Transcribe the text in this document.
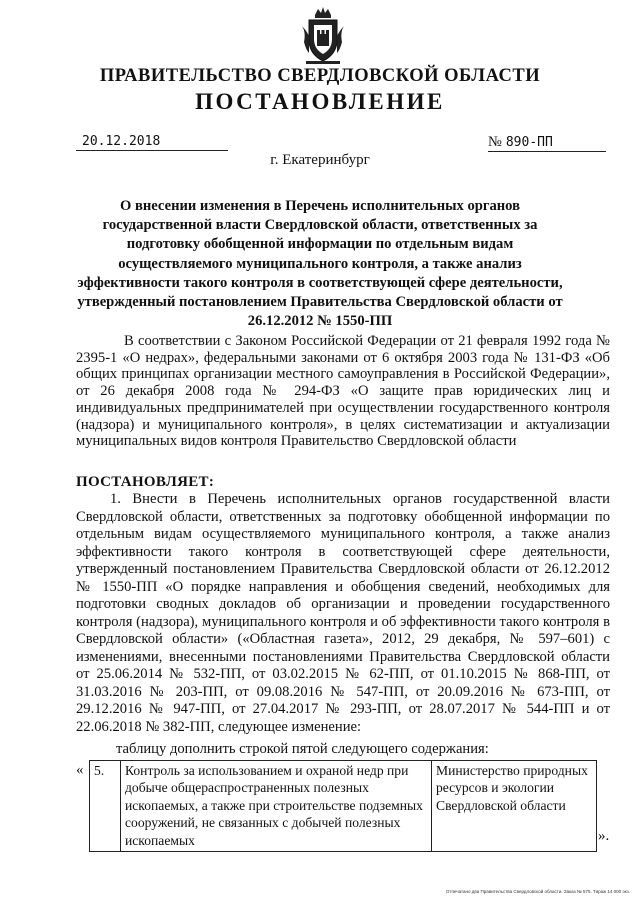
ПРАВИТЕЛЬСТВО СВЕРДЛОВСКОЙ ОБЛАСТИ

ПОСТАНОВЛЕНИЕ

20.12.2018	№ 890-ПП

г. Екатеринбург

О внесении изменения в Перечень исполнительных органов государственной власти Свердловской области, ответственных за подготовку обобщенной информации по отдельным видам осуществляемого муниципального контроля, а также анализ эффективности такого контроля в соответствующей сфере деятельности, утвержденный постановлением Правительства Свердловской области от 26.12.2012 № 1550-ПП

В соответствии с Законом Российской Федерации от 21 февраля 1992 года № 2395-1 «О недрах», федеральными законами от 6 октября 2003 года № 131-ФЗ «Об общих принципах организации местного самоуправления в Российской Федерации», от 26 декабря 2008 года № 294-ФЗ «О защите прав юридических лиц и индивидуальных предпринимателей при осуществлении государственного контроля (надзора) и муниципального контроля», в целях систематизации и актуализации муниципальных видов контроля Правительство Свердловской области

ПОСТАНОВЛЯЕТ:

1. Внести в Перечень исполнительных органов государственной власти Свердловской области, ответственных за подготовку обобщенной информации по отдельным видам осуществляемого муниципального контроля, а также анализ эффективности такого контроля в соответствующей сфере деятельности, утвержденный постановлением Правительства Свердловской области от 26.12.2012 № 1550-ПП «О порядке направления и обобщения сведений, необходимых для подготовки сводных докладов об организации и проведении государственного контроля (надзора), муниципального контроля и об эффективности такого контроля в Свердловской области» («Областная газета», 2012, 29 декабря, № 597–601) с изменениями, внесенными постановлениями Правительства Свердловской области от 25.06.2014 № 532-ПП, от 03.02.2015 № 62-ПП, от 01.10.2015 № 868-ПП, от 31.03.2016 № 203-ПП, от 09.08.2016 № 547-ПП, от 20.09.2016 № 673-ПП, от 29.12.2016 № 947-ПП, от 27.04.2017 № 293-ПП, от 28.07.2017 № 544-ПП и от 22.06.2018 № 382-ПП, следующее изменение:

таблицу дополнить строкой пятой следующего содержания:

« 5.	Контроль за использованием и охраной недр при добыче общераспространенных полезных ископаемых, а также при строительстве подземных сооружений, не связанных с добычей полезных ископаемых	Министерство природных ресурсов и экологии Свердловской области
».

Отпечатано два Правительства Свердловской области. Заказ № 575. Тираж 14 000 экз.
